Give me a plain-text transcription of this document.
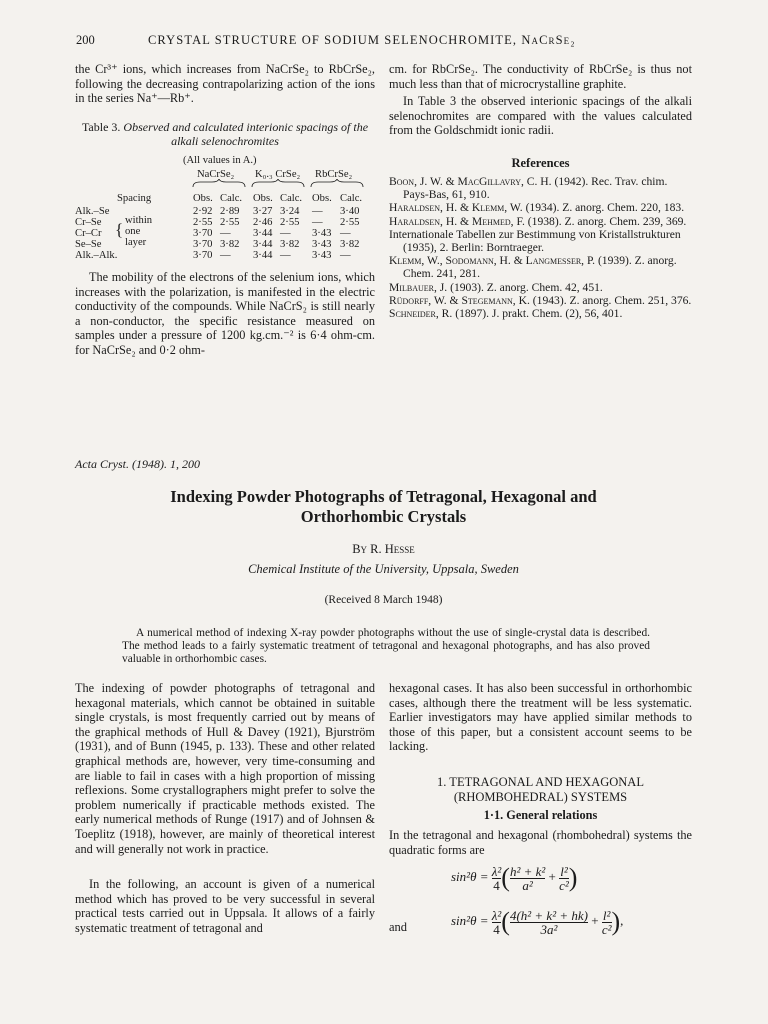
200	CRYSTAL STRUCTURE OF SODIUM SELENOCHROMITE, NaCrSe₂

the Cr³⁺ ions, which increases from NaCrSe₂ to RbCrSe₂, following the decreasing contrapolarizing action of the ions in the series Na⁺—Rb⁺.

Table 3. Observed and calculated interionic spacings of the alkali selenochromites
(All values in A.)
NaCrSe₂ K₀.₃ CrSe₂ RbCrSe₂
Spacing	Obs. Calc. Obs. Calc. Obs. Calc.
Alk.–Se	2·92 2·89 3·27 3·24 — 3·40
Cr–Se	2·55 2·55 2·46 2·55 — 2·55
Cr–Cr	3·70 — 3·44 — 3·43 —
Se–Se	3·70 3·82 3·44 3·82 3·43 3·82
Alk.–Alk.	3·70 — 3·44 — 3·43 —
{ within
one
layer

The mobility of the electrons of the selenium ions, which increases with the polarization, is manifested in the electric conductivity of the compounds. While NaCrS₂ is still nearly a non-conductor, the specific resistance measured on samples under a pressure of 1200 kg.cm.⁻² is 6·4 ohm-cm. for NaCrSe₂ and 0·2 ohm-

cm. for RbCrSe₂. The conductivity of RbCrSe₂ is thus not much less than that of microcrystalline graphite.

In Table 3 the observed interionic spacings of the alkali selenochromites are compared with the values calculated from the Goldschmidt ionic radii.

References

Boon, J. W. & MacGillavry, C. H. (1942). Rec. Trav. chim. Pays-Bas, 61, 910.

Haraldsen, H. & Klemm, W. (1934). Z. anorg. Chem. 220, 183.

Haraldsen, H. & Mehmed, F. (1938). Z. anorg. Chem. 239, 369.

Internationale Tabellen zur Bestimmung von Kristallstrukturen (1935), 2. Berlin: Borntraeger.

Klemm, W., Sodomann, H. & Langmesser, P. (1939). Z. anorg. Chem. 241, 281.

Milbauer, J. (1903). Z. anorg. Chem. 42, 451.

Rüdorff, W. & Stegemann, K. (1943). Z. anorg. Chem. 251, 376.

Schneider, R. (1897). J. prakt. Chem. (2), 56, 401.

Acta Cryst. (1948). 1, 200
Indexing Powder Photographs of Tetragonal, Hexagonal and
Orthorhombic Crystals
By R. Hesse
Chemical Institute of the University, Uppsala, Sweden
(Received 8 March 1948)

A numerical method of indexing X-ray powder photographs without the use of single-crystal data is described. The method leads to a fairly systematic treatment of tetragonal and hexagonal photographs, and has also proved valuable in orthorhombic cases.

The indexing of powder photographs of tetragonal and hexagonal materials, which cannot be obtained in suitable single crystals, is most frequently carried out by means of the graphical methods of Hull & Davey (1921), Bjurström (1931), and of Bunn (1945, p. 133). These and other related graphical methods are, however, very time-consuming and are liable to fail in cases with a high proportion of missing reflexions. Some crystallographers might prefer to solve the problem numerically if practicable methods existed. The early numerical methods of Runge (1917) and of Johnsen & Toeplitz (1918), however, are mainly of theoretical interest and will generally not work in practice.

In the following, an account is given of a numerical method which has proved to be very successful in several practical tests carried out in Uppsala. It allows of a fairly systematic treatment of tetragonal and

hexagonal cases. It has also been successful in orthorhombic cases, although there the treatment will be less systematic. Earlier investigators may have applied similar methods to those of this paper, but a consistent account seems to be lacking.

1. TETRAGONAL AND HEXAGONAL
(RHOMBOHEDRAL) SYSTEMS
1·1. General relations

In the tetragonal and hexagonal (rhombohedral) systems the quadratic forms are

$\sin^2\theta = \frac{\text{λ²}}{4}$ ( $\frac{\text{h² + k²}}{\text{a²}} + \frac{\text{l²}}{\text{c²}}$ )
and	$\sin^2\theta = \frac{\text{λ²}}{4}$ ( $\frac{\text{4(h² + k² + hk)}}{\text{3a²}} + \frac{\text{l²}}{\text{c²}}$ ),
